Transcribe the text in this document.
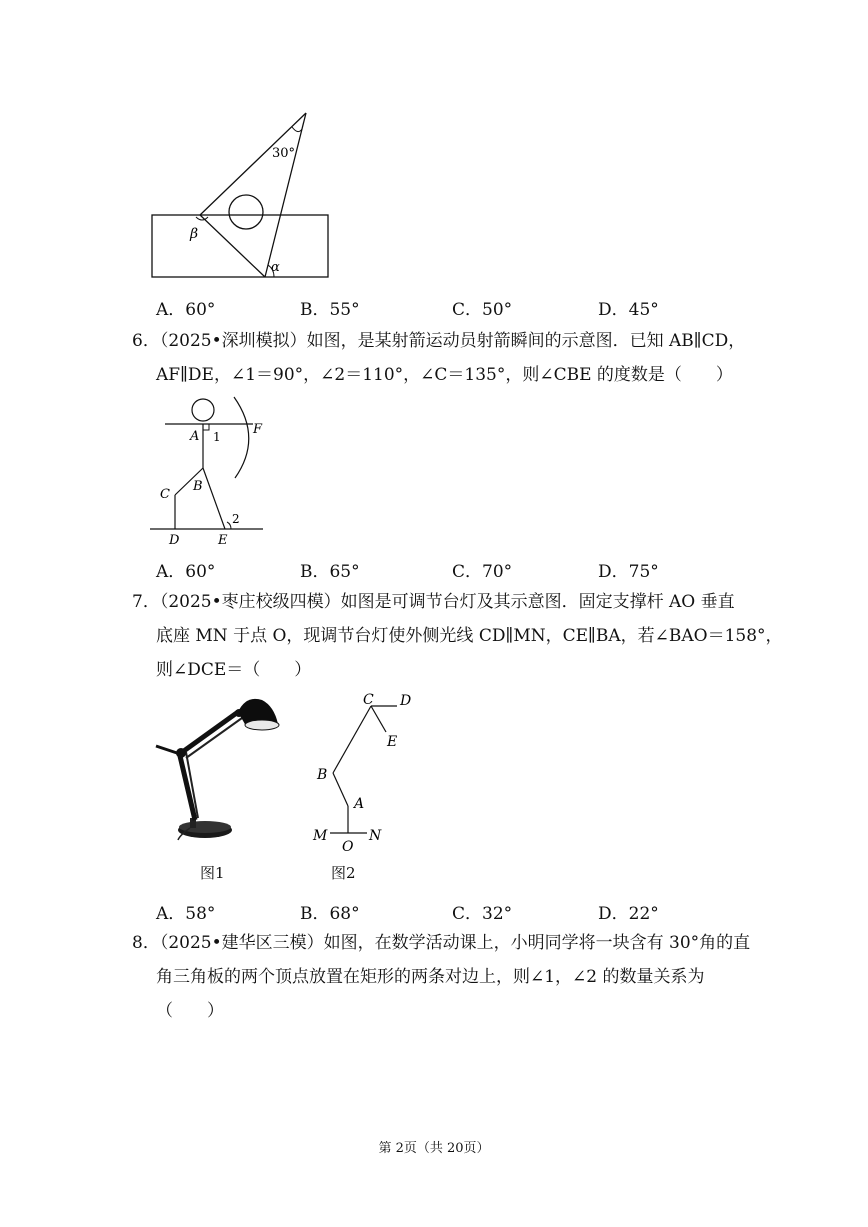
30°
β
α
A．60°	B．55°	C．50°	D．45°
6．（2025•深圳模拟）如图，是某射箭运动员射箭瞬间的示意图．已知 AB∥CD，
AF∥DE，∠1＝90°，∠2＝110°，∠C＝135°，则∠CBE 的度数是（　　）
A 1 F
B
C
2
D	E
A．60°	B．65°	C．70°	D．75°
7．（2025•枣庄校级四模）如图是可调节台灯及其示意图．固定支撑杆 AO 垂直
底座 MN 于点 O，现调节台灯使外侧光线 CD∥MN，CE∥BA，若∠BAO＝158°，
则∠DCE＝（　　）
图1
C D
E
B
A
M
O
N
图2
A．58°	B．68°	C．32°	D．22°
8．（2025•建华区三模）如图，在数学活动课上，小明同学将一块含有 30°角的直
角三角板的两个顶点放置在矩形的两条对边上，则∠1，∠2 的数量关系为
（　　）
第 2页（共 20页）
